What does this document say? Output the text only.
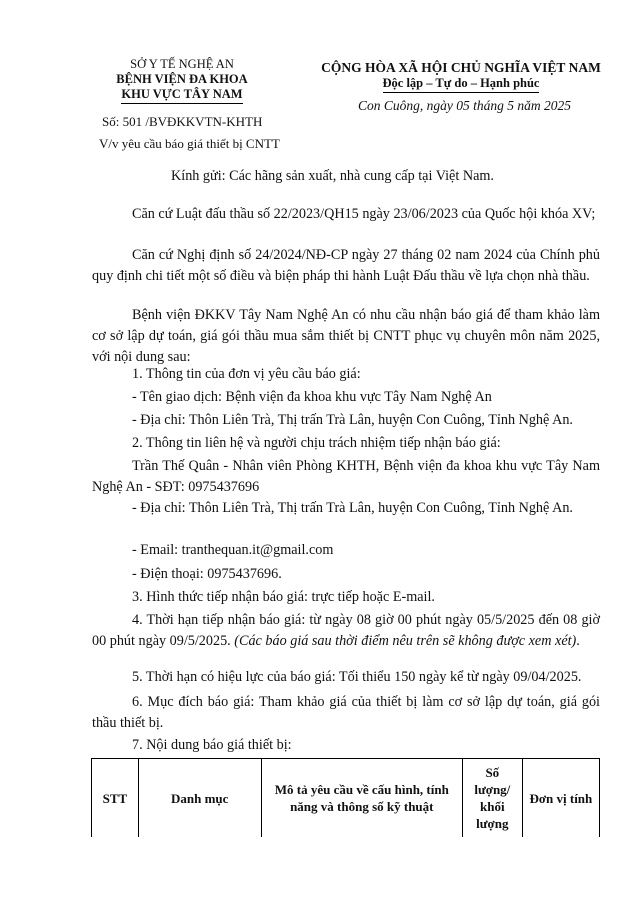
SỞ Y TẾ NGHỆ AN
BỆNH VIỆN ĐA KHOA
KHU VỰC TÂY NAM
Số: 501 /BVĐKKVTN-KHTH
V/v yêu cầu báo giá thiết bị CNTT
CỘNG HÒA XÃ HỘI CHỦ NGHĨA VIỆT NAM
Độc lập – Tự do – Hạnh phúc
Con Cuông, ngày 05 tháng 5 năm 2025
Kính gửi: Các hãng sản xuất, nhà cung cấp tại Việt Nam.
Căn cứ Luật đấu thầu số 22/2023/QH15 ngày 23/06/2023 của Quốc hội khóa XV;
Căn cứ Nghị định số 24/2024/NĐ-CP ngày 27 tháng 02 nam 2024 của Chính phủ quy định chi tiết một số điều và biện pháp thi hành Luật Đấu thầu về lựa chọn nhà thầu.
Bệnh viện ĐKKV Tây Nam Nghệ An có nhu cầu nhận báo giá để tham khảo làm cơ sở lập dự toán, giá gói thầu mua sắm thiết bị CNTT phục vụ chuyên môn năm 2025, với nội dung sau:
1. Thông tin của đơn vị yêu cầu báo giá:
- Tên giao dịch: Bệnh viện đa khoa khu vực Tây Nam Nghệ An
- Địa chỉ: Thôn Liên Trà, Thị trấn Trà Lân, huyện Con Cuông, Tỉnh Nghệ An.
2. Thông tin liên hệ và người chịu trách nhiệm tiếp nhận báo giá:
Trần Thế Quân - Nhân viên Phòng KHTH, Bệnh viện đa khoa khu vực Tây Nam Nghệ An - SĐT: 0975437696
- Địa chỉ: Thôn Liên Trà, Thị trấn Trà Lân, huyện Con Cuông, Tỉnh Nghệ An.
- Email: tranthequan.it@gmail.com
- Điện thoại: 0975437696.
3. Hình thức tiếp nhận báo giá: trực tiếp hoặc E-mail.
4. Thời hạn tiếp nhận báo giá: từ ngày 08 giờ 00 phút ngày 05/5/2025 đến 08 giờ 00 phút ngày 09/5/2025. (Các báo giá sau thời điểm nêu trên sẽ không được xem xét).
5. Thời hạn có hiệu lực của báo giá: Tối thiểu 150 ngày kể từ ngày 09/04/2025.
6. Mục đích báo giá: Tham khảo giá của thiết bị làm cơ sở lập dự toán, giá gói thầu thiết bị.
7. Nội dung báo giá thiết bị:
STT	Danh mục	Mô tả yêu cầu về cấu hình, tính năng và thông số kỹ thuật	Số lượng/ khối lượng	Đơn vị tính
